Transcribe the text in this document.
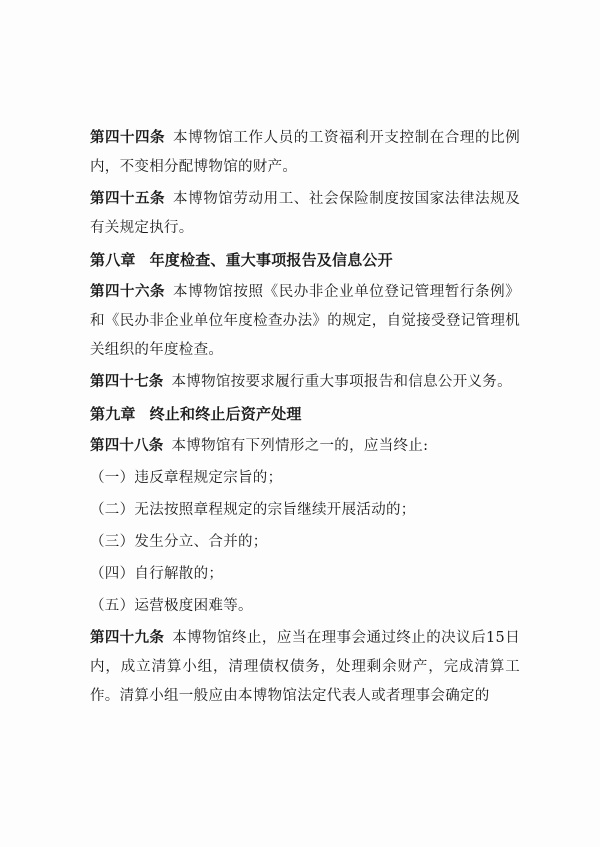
第四十四条 本博物馆工作人员的工资福利开支控制在合理的比例内，不变相分配博物馆的财产。

第四十五条 本博物馆劳动用工、社会保险制度按国家法律法规及有关规定执行。

第八章 年度检查、重大事项报告及信息公开

第四十六条 本博物馆按照《民办非企业单位登记管理暂行条例》和《民办非企业单位年度检查办法》的规定，自觉接受登记管理机关组织的年度检查。

第四十七条 本博物馆按要求履行重大事项报告和信息公开义务。

第九章 终止和终止后资产处理

第四十八条 本博物馆有下列情形之一的，应当终止:

（一）违反章程规定宗旨的；

（二）无法按照章程规定的宗旨继续开展活动的；

（三）发生分立、合并的；

（四）自行解散的；

（五）运营极度困难等。

第四十九条 本博物馆终止，应当在理事会通过终止的决议后15日内，成立清算小组，清理债权债务，处理剩余财产，完成清算工作。清算小组一般应由本博物馆法定代表人或者理事会确定的
